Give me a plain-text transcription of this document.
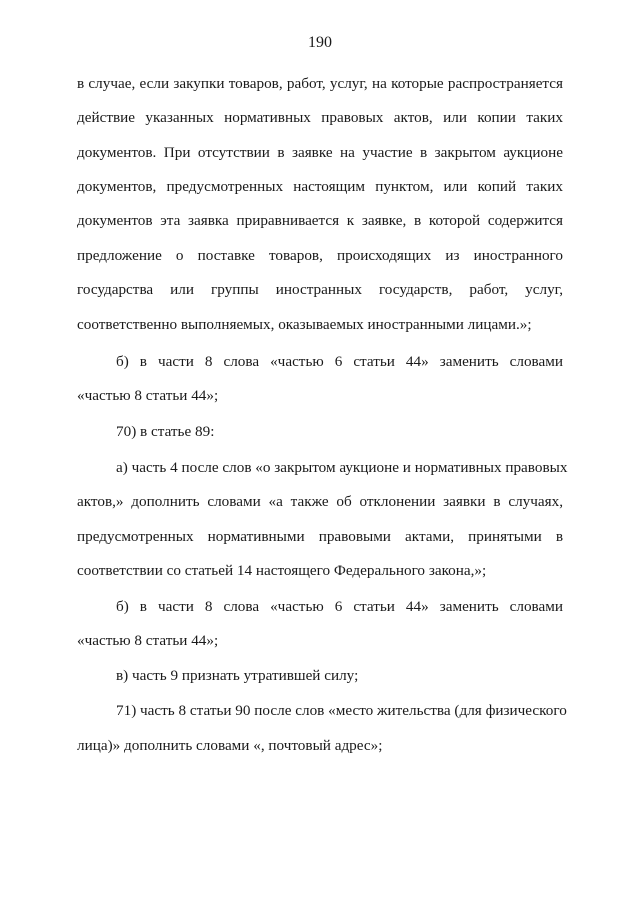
190
в случае, если закупки товаров, работ, услуг, на которые распространяется
действие указанных нормативных правовых актов, или копии таких
документов. При отсутствии в заявке на участие в закрытом аукционе
документов, предусмотренных настоящим пунктом, или копий таких
документов эта заявка приравнивается к заявке, в которой содержится
предложение о поставке товаров, происходящих из иностранного
государства или группы иностранных государств, работ, услуг,
соответственно выполняемых, оказываемых иностранными лицами.»;
б) в части 8 слова «частью 6 статьи 44» заменить словами
«частью 8 статьи 44»;
70) в статье 89:
а) часть 4 после слов «о закрытом аукционе и нормативных правовых
актов,» дополнить словами «а также об отклонении заявки в случаях,
предусмотренных нормативными правовыми актами, принятыми в
соответствии со статьей 14 настоящего Федерального закона,»;
б) в части 8 слова «частью 6 статьи 44» заменить словами
«частью 8 статьи 44»;
в) часть 9 признать утратившей силу;
71) часть 8 статьи 90 после слов «место жительства (для физического
лица)» дополнить словами «, почтовый адрес»;
